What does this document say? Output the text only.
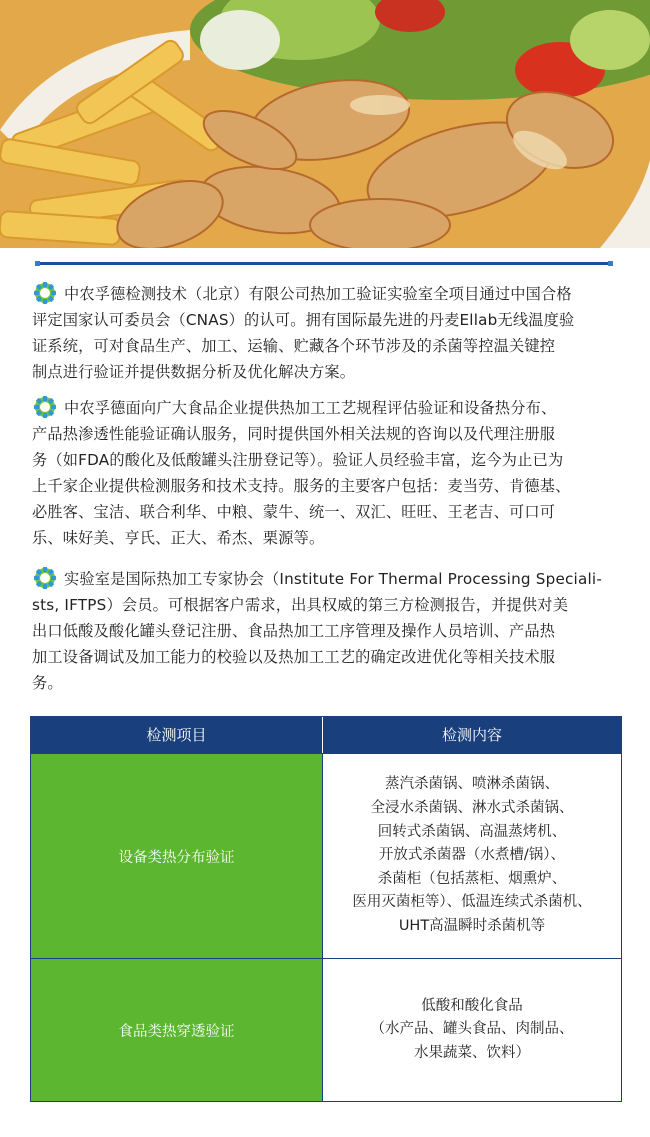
中农孚德检测技术（北京）有限公司热加工验证实验室全项目通过中国合格
评定国家认可委员会（CNAS）的认可。拥有国际最先进的丹麦Ellab无线温度验
证系统，可对食品生产、加工、运输、贮藏各个环节涉及的杀菌等控温关键控
制点进行验证并提供数据分析及优化解决方案。

中农孚德面向广大食品企业提供热加工工艺规程评估验证和设备热分布、
产品热渗透性能验证确认服务，同时提供国外相关法规的咨询以及代理注册服
务（如FDA的酸化及低酸罐头注册登记等）。验证人员经验丰富，迄今为止已为
上千家企业提供检测服务和技术支持。服务的主要客户包括：麦当劳、肯德基、
必胜客、宝洁、联合利华、中粮、蒙牛、统一、双汇、旺旺、王老吉、可口可
乐、味好美、亨氏、正大、希杰、栗源等。

实验室是国际热加工专家协会（Institute For Thermal Processing Speciali-
sts, IFTPS）会员。可根据客户需求，出具权威的第三方检测报告，并提供对美
出口低酸及酸化罐头登记注册、食品热加工工序管理及操作人员培训、产品热
加工设备调试及加工能力的校验以及热加工工艺的确定改进优化等相关技术服
务。

检测项目	检测内容
设备类热分布验证
蒸汽杀菌锅、喷淋杀菌锅、
全浸水杀菌锅、淋水式杀菌锅、
回转式杀菌锅、高温蒸烤机、
开放式杀菌器（水煮槽/锅）、
杀菌柜（包括蒸柜、烟熏炉、
医用灭菌柜等）、低温连续式杀菌机、
UHT高温瞬时杀菌机等
食品类热穿透验证
低酸和酸化食品
（水产品、罐头食品、肉制品、
水果蔬菜、饮料）
